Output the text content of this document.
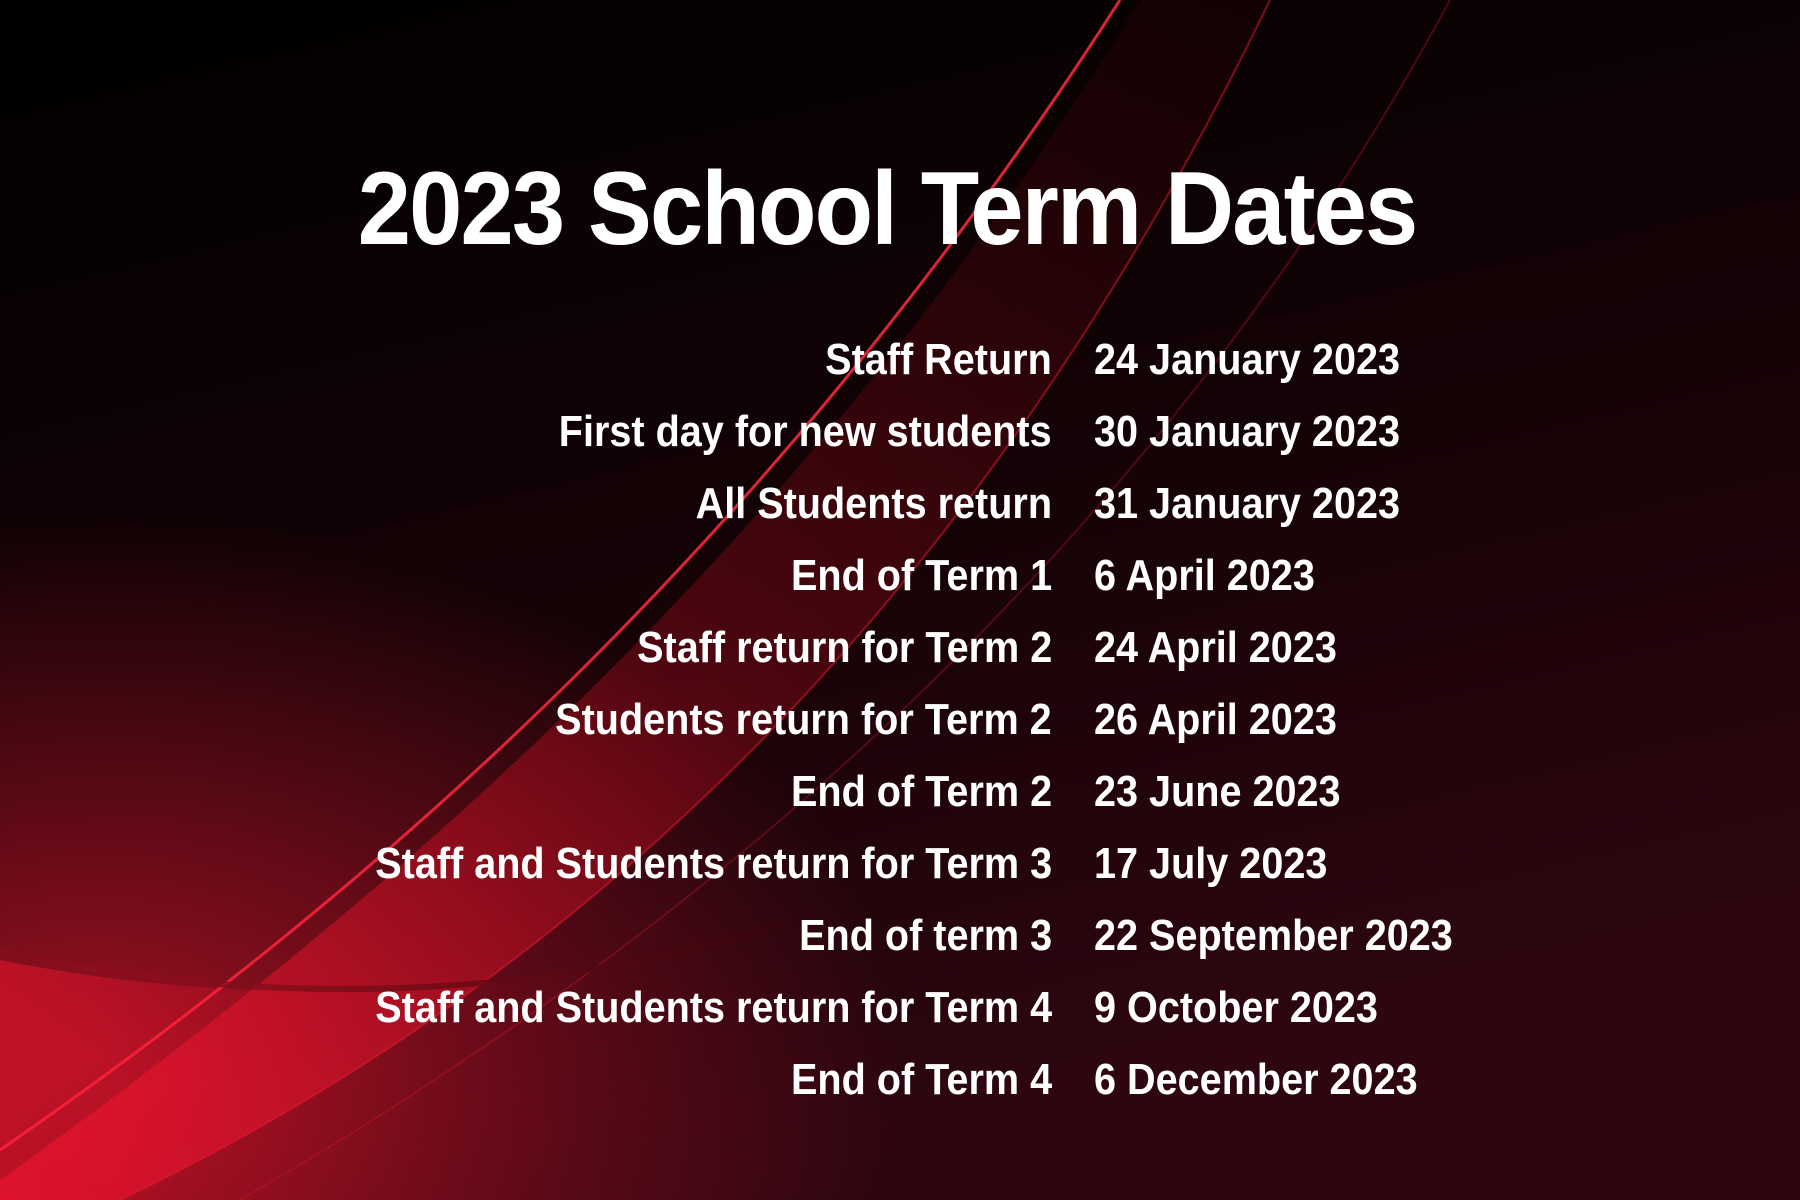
2023 School Term Dates
Staff Return 24 January 2023
First day for new students 30 January 2023
All Students return 31 January 2023
End of Term 1 6 April 2023
Staff return for Term 2 24 April 2023
Students return for Term 2 26 April 2023
End of Term 2 23 June 2023
Staff and Students return for Term 3 17 July 2023
End of term 3 22 September 2023
Staff and Students return for Term 4 9 October 2023
End of Term 4 6 December 2023
